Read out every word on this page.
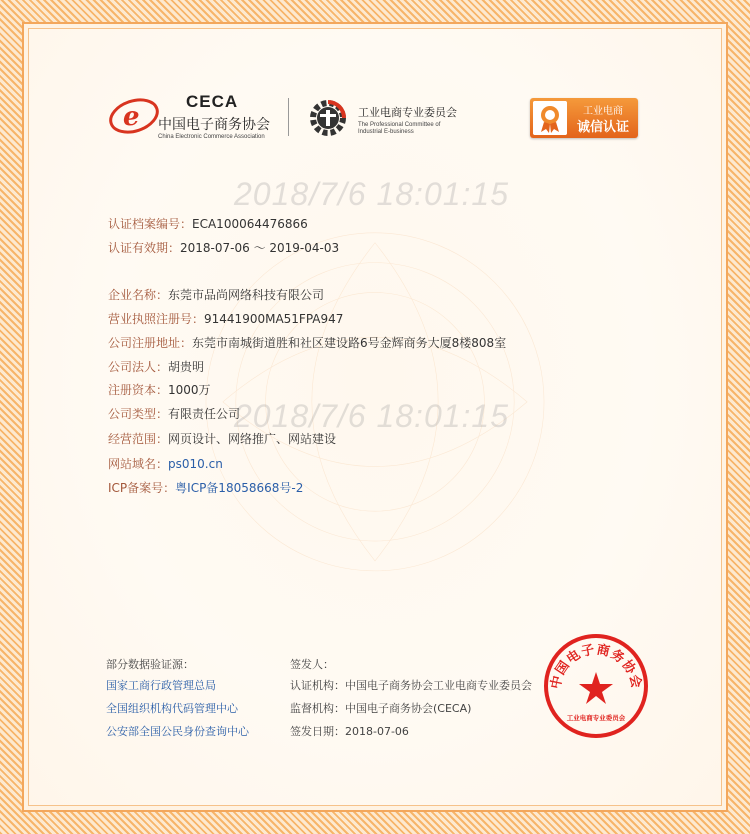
e
CECA
中国电子商务协会
China Electronic Commerce Association
工业电商专业委员会
The Professional Committee of
Industrial E-business
工业电商
诚信认证
2018/7/6 18:01:15
2018/7/6 18:01:15
认证档案编号：ECA100064476866
认证有效期：2018-07-06 ～ 2019-04-03
企业名称：东莞市品尚网络科技有限公司
营业执照注册号：91441900MA51FPA947
公司注册地址：东莞市南城街道胜和社区建设路6号金辉商务大厦8楼808室
公司法人：胡贵明
注册资本：1000万
公司类型：有限责任公司
经营范围：网页设计、网络推广、网站建设
网站域名：ps010.cn
ICP备案号：粤ICP备18058668号-2
部分数据验证源：
国家工商行政管理总局
全国组织机构代码管理中心
公安部全国公民身份查询中心
签发人：
认证机构：中国电子商务协会工业电商专业委员会
监督机构：中国电子商务协会(CECA)
签发日期：2018-07-06
中国电子商务协会
工业电商专业委员会
